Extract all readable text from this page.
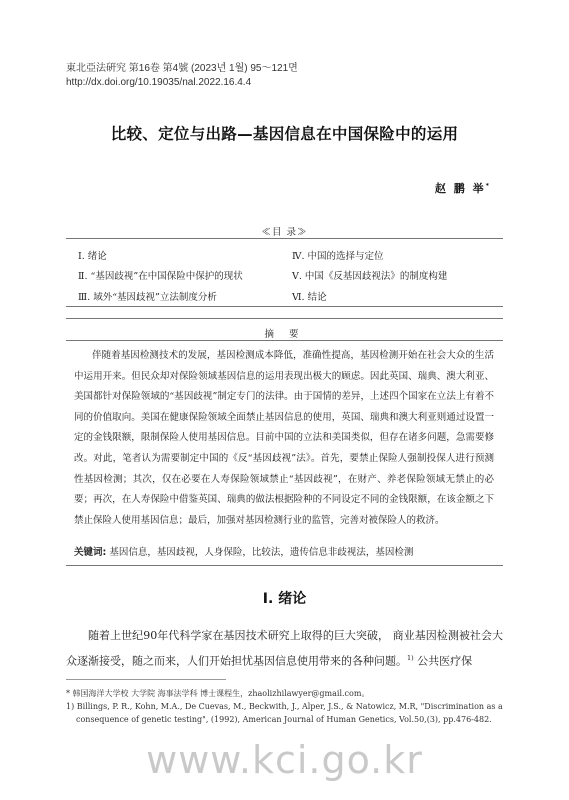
東北亞法硏究 第16卷 第4號 (2023년 1월) 95～121면
http://dx.doi.org/10.19035/nal.2022.16.4.4
比较、定位与出路—基因信息在中国保险中的运用
赵 鹏 举*
≪目 录≫
Ⅰ. 绪论
Ⅱ. “基因歧视”在中国保险中保护的现状
Ⅲ. 域外“基因歧视”立法制度分析
Ⅳ. 中国的选择与定位
Ⅴ. 中国《反基因歧视法》的制度构建
Ⅵ. 结论
摘 要
伴随着基因检测技术的发展，基因检测成本降低，准确性提高，基因检测开始在社会大众的生活中运用开来。但民众却对保险领域基因信息的运用表现出极大的顾虑。因此英国、瑞典、澳大利亚、美国都针对保险领域的“基因歧视”制定专门的法律。由于国情的差异，上述四个国家在立法上有着不同的价值取向。美国在健康保险领域全面禁止基因信息的使用，英国、瑞典和澳大利亚则通过设置一定的金钱限额，限制保险人使用基因信息。目前中国的立法和美国类似，但存在诸多问题，急需要修改。对此，笔者认为需要制定中国的《反“基因歧视”法》。首先，要禁止保险人强制投保人进行预测性基因检测；其次，仅在必要在人寿保险领域禁止“基因歧视”，在财产、养老保险领域无禁止的必要；再次，在人寿保险中借鉴英国、瑞典的做法根据险种的不同设定不同的金钱限额，在该金额之下禁止保险人使用基因信息；最后，加强对基因检测行业的监管，完善对被保险人的救济。
关键词: 基因信息，基因歧视，人身保险，比较法，遗传信息非歧视法，基因检测
Ⅰ. 绪论
随着上世纪90年代科学家在基因技术研究上取得的巨大突破， 商业基因检测被社会大众逐渐接受，随之而来，人们开始担忧基因信息使用带来的各种问题。$^{1)}$ 公共医疗保
* 韩国海洋大学校 大学院 海事法学科 博士课程生，zhaolizhilawyer@gmail.com。
1) Billings, P. R., Kohn, M.A., De Cuevas, M., Beckwith, J., Alper, J.S., & Natowicz, M.R, "Discrimination as a consequence of genetic testing", (1992), American Journal of Human Genetics, Vol.50,(3), pp.476-482.
www.kci.go.kr
